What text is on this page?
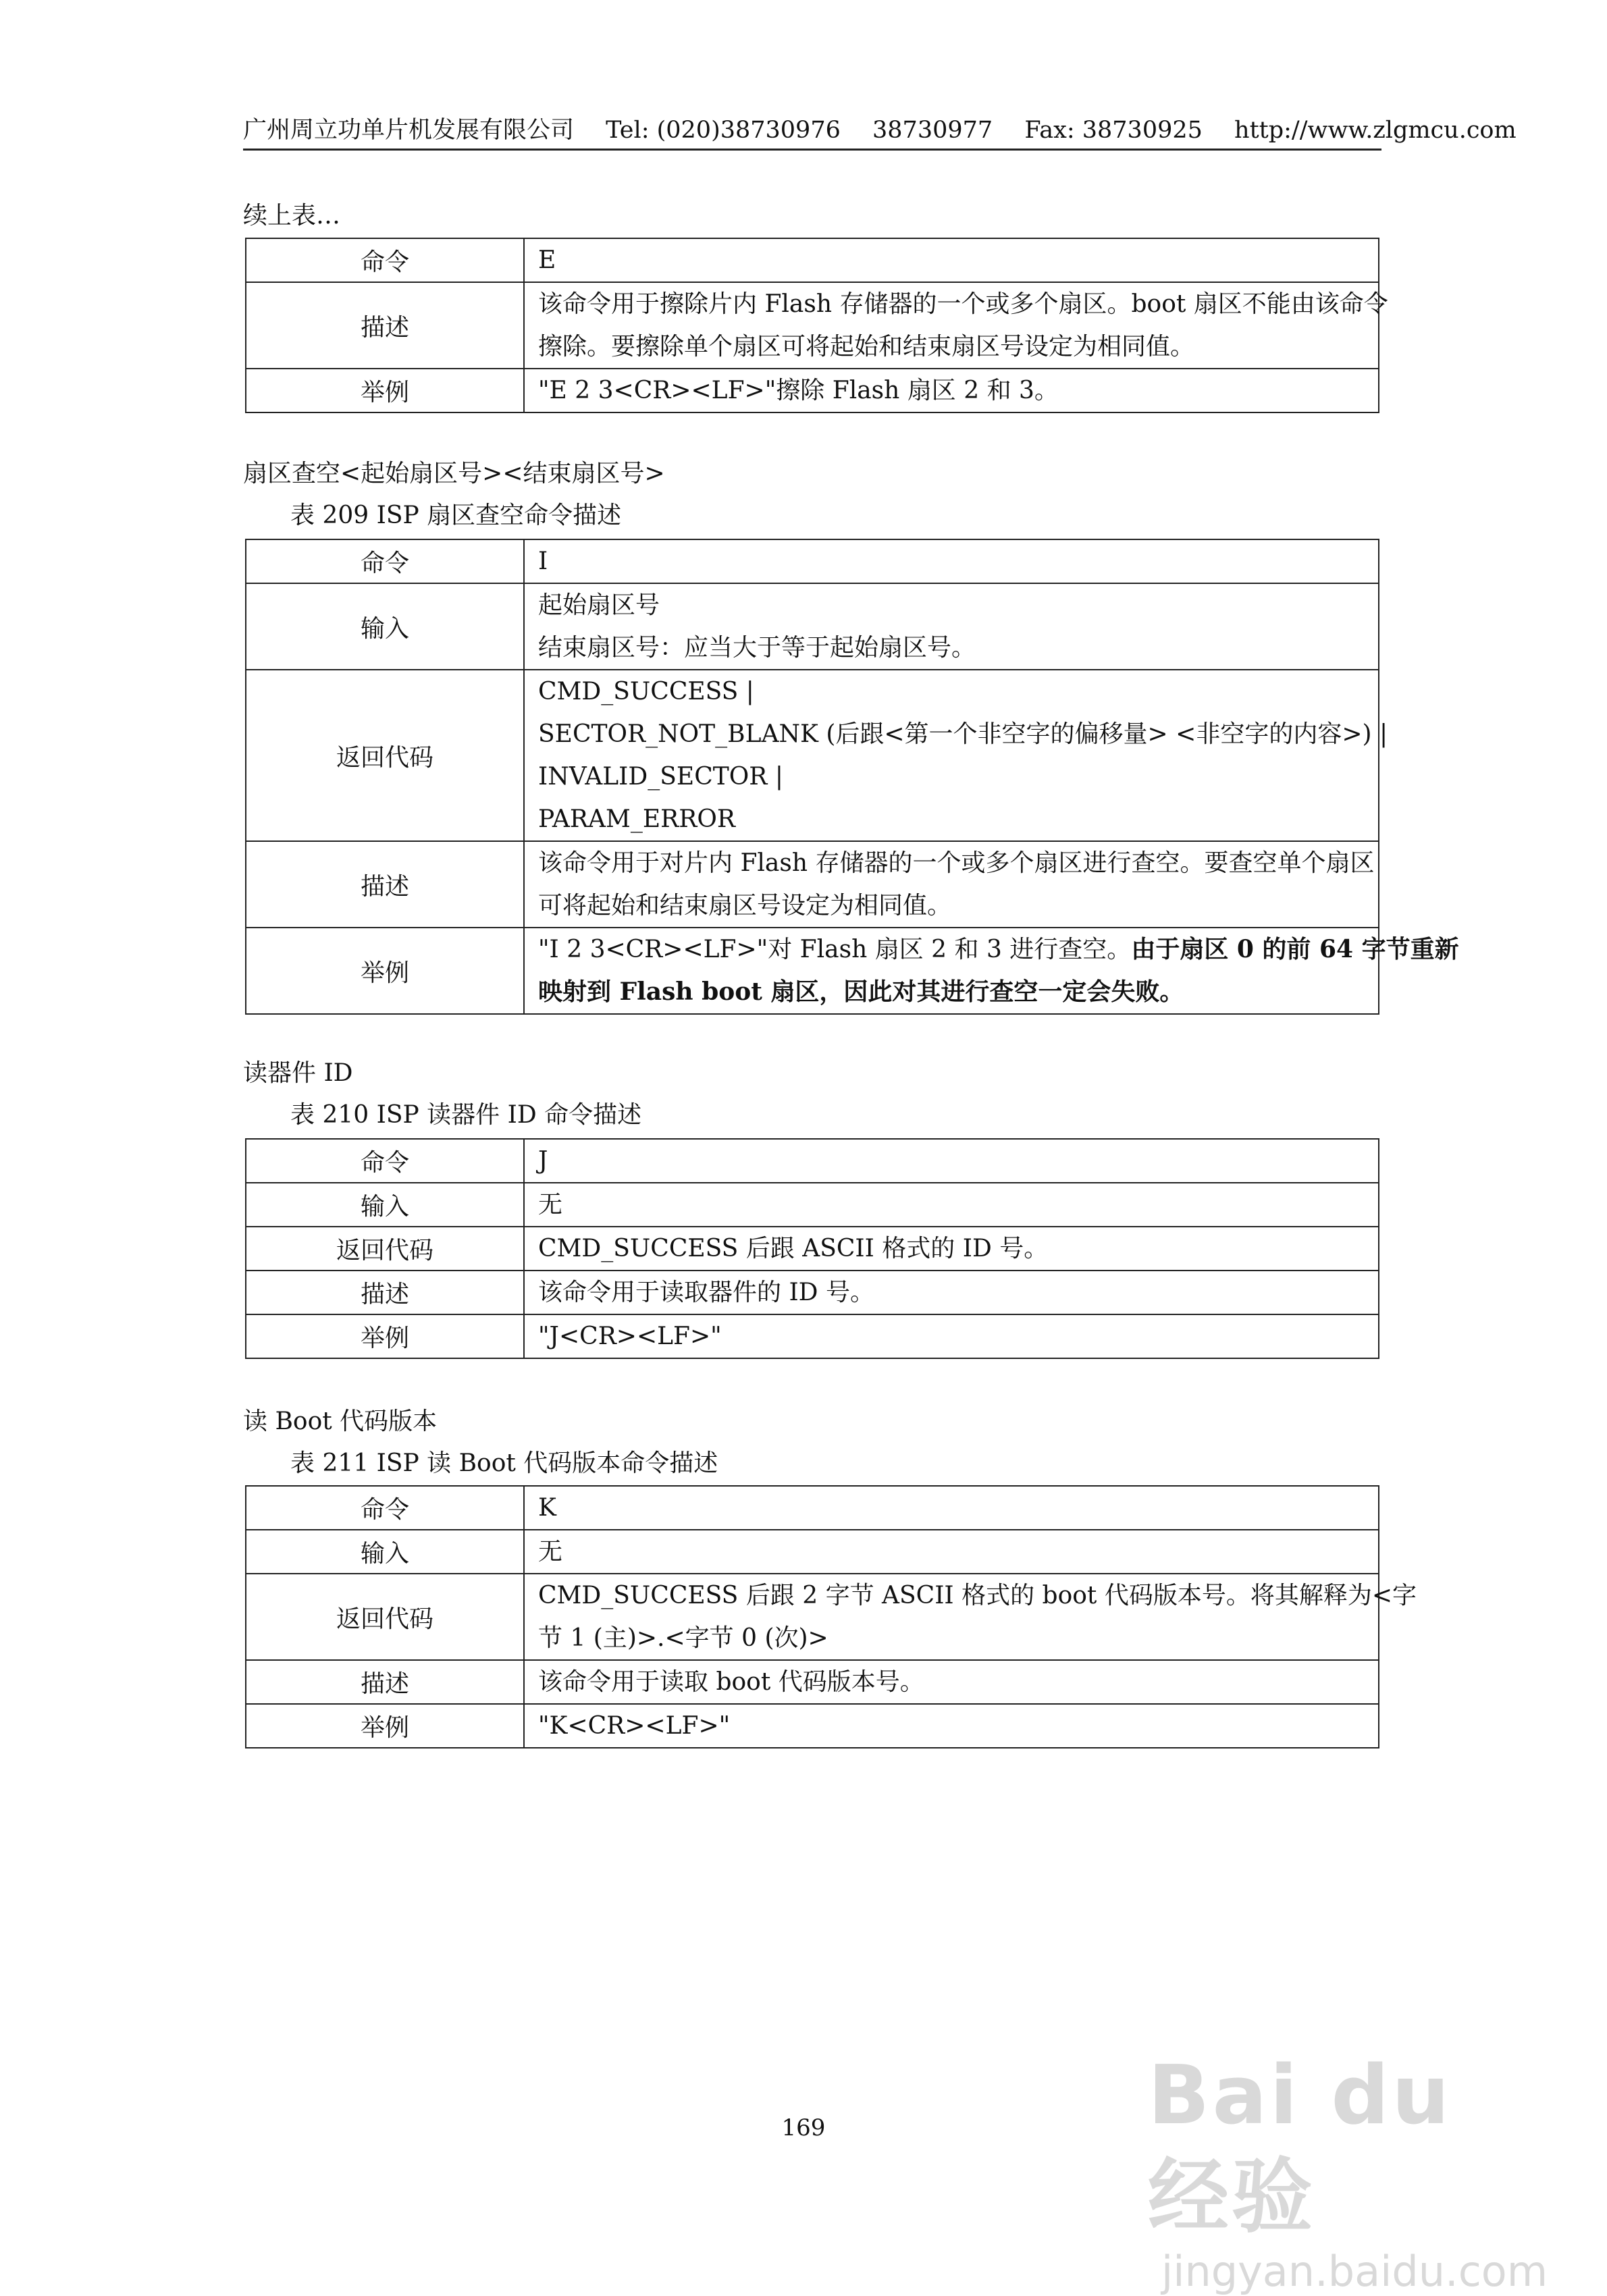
广州周立功单片机发展有限公司 Tel: (020)38730976 38730977 Fax: 38730925 http://www.zlgmcu.com
续上表…
命令	E

描述	该命令用于擦除片内 Flash 存储器的一个或多个扇区。boot 扇区不能由该命令
擦除。要擦除单个扇区可将起始和结束扇区号设定为相同值。

举例	"E 2 3<CR><LF>"擦除 Flash 扇区 2 和 3。
扇区查空<起始扇区号><结束扇区号>
表 209 ISP 扇区查空命令描述
命令	I

输入	起始扇区号
结束扇区号：应当大于等于起始扇区号。

返回代码	CMD_SUCCESS |
SECTOR_NOT_BLANK (后跟<第一个非空字的偏移量> <非空字的内容>) |
INVALID_SECTOR |
PARAM_ERROR

描述	该命令用于对片内 Flash 存储器的一个或多个扇区进行查空。要查空单个扇区
可将起始和结束扇区号设定为相同值。

举例	"I 2 3<CR><LF>"对 Flash 扇区 2 和 3 进行查空。由于扇区 0 的前 64 字节重新
映射到 Flash boot 扇区，因此对其进行查空一定会失败。
读器件 ID
表 210 ISP 读器件 ID 命令描述
命令	J

输入	无

返回代码	CMD_SUCCESS 后跟 ASCII 格式的 ID 号。

描述	该命令用于读取器件的 ID 号。

举例	"J<CR><LF>"
读 Boot 代码版本
表 211 ISP 读 Boot 代码版本命令描述
命令	K

输入	无

返回代码	CMD_SUCCESS 后跟 2 字节 ASCII 格式的 boot 代码版本号。将其解释为<字
节 1 (主)>.<字节 0 (次)>

描述	该命令用于读取 boot 代码版本号。

举例	"K<CR><LF>"
169	Bai du 经验
jingyan.baidu.com
